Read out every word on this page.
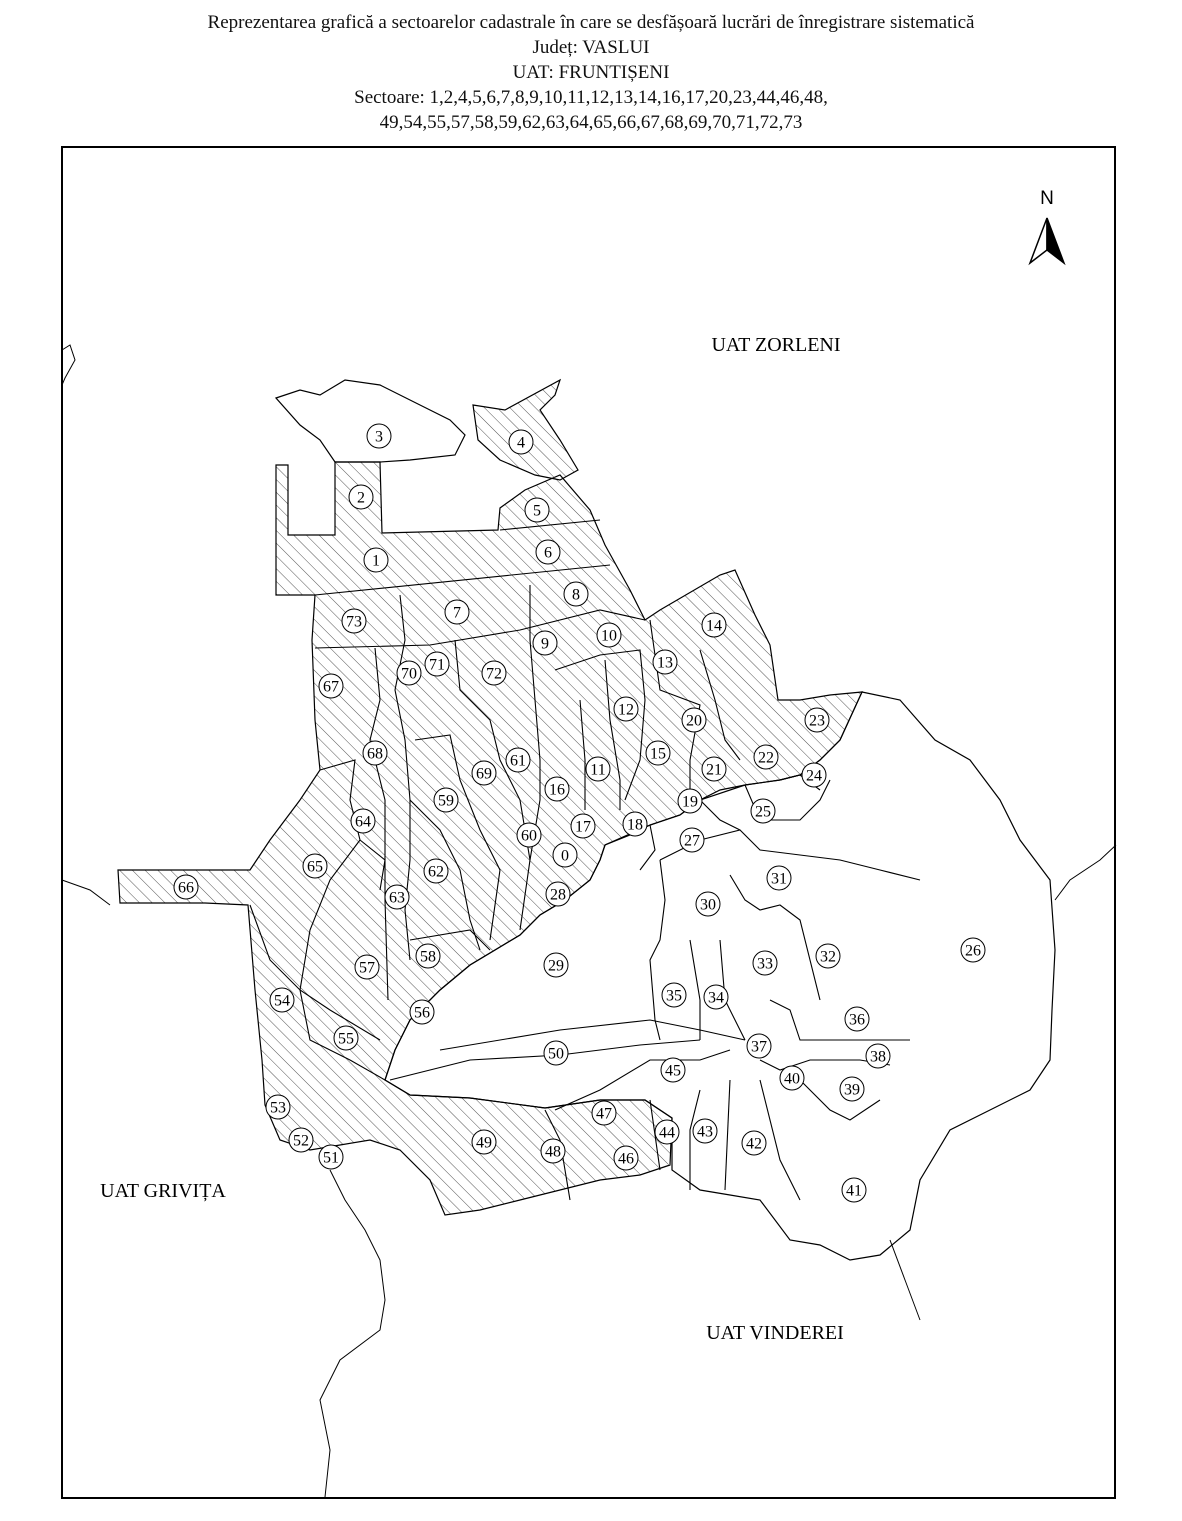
Reprezentarea grafică a sectoarelor cadastrale în care se desfășoară lucrări de înregistrare sistematică
Județ: VASLUI
UAT: FRUNTIȘENI
Sectoare: 1,2,4,5,6,7,8,9,10,11,12,13,14,16,17,20,23,44,46,48,
49,54,55,57,58,59,62,63,64,65,66,67,68,69,70,71,72,73
N
UAT ZORLENI
UAT GRIVIȚA
UAT VINDEREI
0
1
2
3	4
5
6
7
8
9	10
11
12
13
14
15
16
17 18
19
20
21
22
23
24
25
26
27
28
29
30
31
32
33
34
35
36
37
38
39
40
41
42
43
44
45
46
47
48
49
50
51
52
53
54
55
56
57
58
59
60
61
62
63
64
65
66
67
68
69
70
71
72
73
